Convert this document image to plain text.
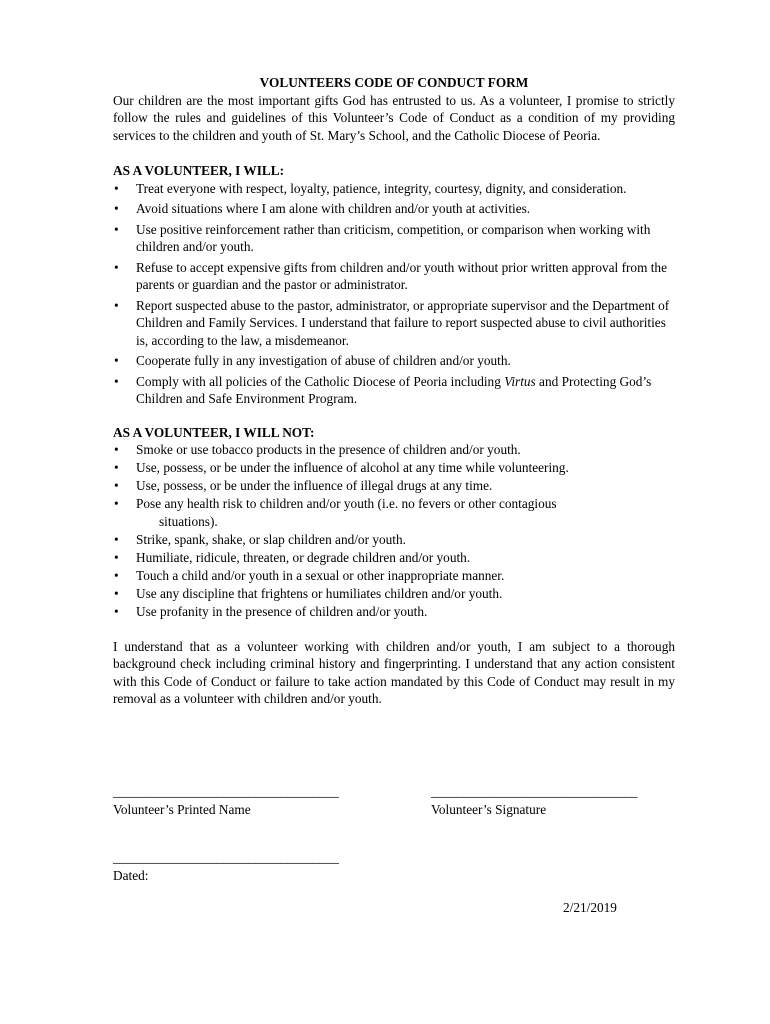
VOLUNTEERS CODE OF CONDUCT FORM

Our children are the most important gifts God has entrusted to us. As a volunteer, I promise to strictly follow the rules and guidelines of this Volunteer’s Code of Conduct as a condition of my providing services to the children and youth of St. Mary’s School, and the Catholic Diocese of Peoria.

AS A VOLUNTEER, I WILL:

• Treat everyone with respect, loyalty, patience, integrity, courtesy, dignity, and consideration.
• Avoid situations where I am alone with children and/or youth at activities.
• Use positive reinforcement rather than criticism, competition, or comparison when working with children and/or youth.
• Refuse to accept expensive gifts from children and/or youth without prior written approval from the parents or guardian and the pastor or administrator.
• Report suspected abuse to the pastor, administrator, or appropriate supervisor and the Department of Children and Family Services. I understand that failure to report suspected abuse to civil authorities is, according to the law, a misdemeanor.
• Cooperate fully in any investigation of abuse of children and/or youth.
• Comply with all policies of the Catholic Diocese of Peoria including Virtus and Protecting God’s Children and Safe Environment Program.

AS A VOLUNTEER, I WILL NOT:

• Smoke or use tobacco products in the presence of children and/or youth.
• Use, possess, or be under the influence of alcohol at any time while volunteering.
• Use, possess, or be under the influence of illegal drugs at any time.
• Pose any health risk to children and/or youth (i.e. no fevers or other contagious
situations).
• Strike, spank, shake, or slap children and/or youth.
• Humiliate, ridicule, threaten, or degrade children and/or youth.
• Touch a child and/or youth in a sexual or other inappropriate manner.
• Use any discipline that frightens or humiliates children and/or youth.
• Use profanity in the presence of children and/or youth.

I understand that as a volunteer working with children and/or youth, I am subject to a thorough background check including criminal history and fingerprinting. I understand that any action consistent with this Code of Conduct or failure to take action mandated by this Code of Conduct may result in my removal as a volunteer with children and/or youth.

___________________________________
Volunteer’s Printed Name
________________________________
Volunteer’s Signature
___________________________________
Dated:
2/21/2019
